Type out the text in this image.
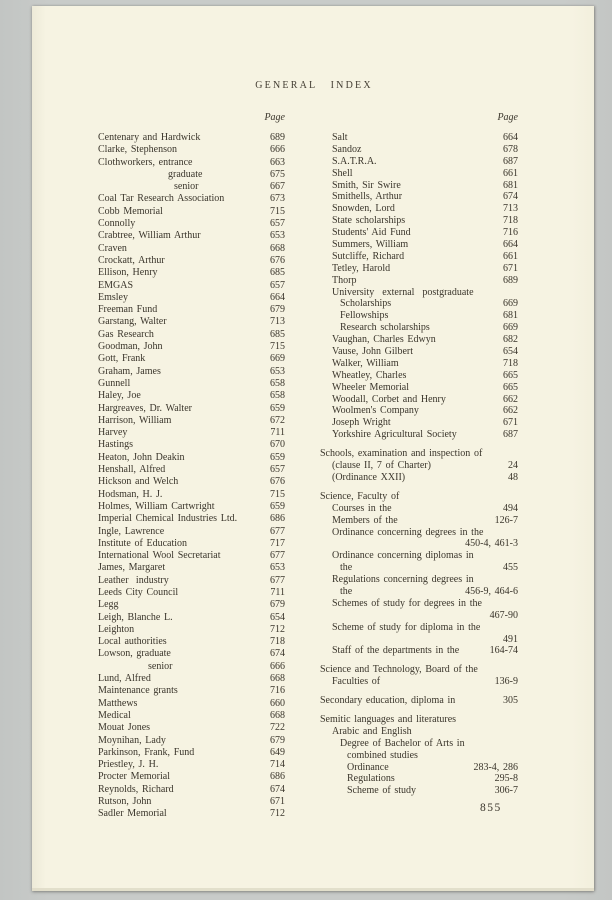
GENERAL INDEX
Page
Centenary and Hardwick	689
Clarke, Stephenson	666
Clothworkers, entrance	663
graduate	675
senior	667
Coal Tar Research Association	673
Cobb Memorial	715
Connolly	657
Crabtree, William Arthur	653
Craven	668
Crockatt, Arthur	676
Ellison, Henry	685
EMGAS	657
Emsley	664
Freeman Fund	679
Garstang, Walter	713
Gas Research	685
Goodman, John	715
Gott, Frank	669
Graham, James	653
Gunnell	658
Haley, Joe	658
Hargreaves, Dr. Walter	659
Harrison, William	672
Harvey	711
Hastings	670
Heaton, John Deakin	659
Henshall, Alfred	657
Hickson and Welch	676
Hodsman, H. J.	715
Holmes, William Cartwright	659
Imperial Chemical Industries Ltd.	686
Ingle, Lawrence	677
Institute of Education	717
International Wool Secretariat	677
James, Margaret	653
Leather  industry	677
Leeds City Council	711
Legg	679
Leigh, Blanche L.	654
Leighton	712
Local authorities	718
Lowson, graduate	674
senior	666
Lund, Alfred	668
Maintenance grants	716
Matthews	660
Medical	668
Mouat Jones	722
Moynihan, Lady	679
Parkinson, Frank, Fund	649
Priestley, J. H.	714
Procter Memorial	686
Reynolds, Richard	674
Rutson, John	671
Sadler Memorial	712
Page
Salt	664
Sandoz	678
S.A.T.R.A.	687
Shell	661
Smith, Sir Swire	681
Smithells, Arthur	674
Snowden, Lord	713
State scholarships	718
Students' Aid Fund	716
Summers, William	664
Sutcliffe, Richard	661
Tetley, Harold	671
Thorp	689
University external postgraduate
Scholarships	669
Fellowships	681
Research scholarships	669
Vaughan, Charles Edwyn	682
Vause, John Gilbert	654
Walker, William	718
Wheatley, Charles	665
Wheeler Memorial	665
Woodall, Corbet and Henry	662
Woolmen's Company	662
Joseph Wright	671
Yorkshire Agricultural Society	687
Schools, examination and inspection of
(clause II, 7 of Charter)	24
(Ordinance XXII)	48
Science, Faculty of
Courses in the	494
Members of the	126-7
Ordinance concerning degrees in the
450-4, 461-3
Ordinance concerning diplomas in
the	455
Regulations concerning degrees in
the	456-9, 464-6
Schemes of study for degrees in the
467-90
Scheme of study for diploma in the
491
Staff of the departments in the	164-74
Science and Technology, Board of the
Faculties of	136-9
Secondary education, diploma in	305
Semitic languages and literatures
Arabic and English
Degree of Bachelor of Arts in
combined studies
Ordinance	283-4, 286
Regulations	295-8
Scheme of study	306-7
855
